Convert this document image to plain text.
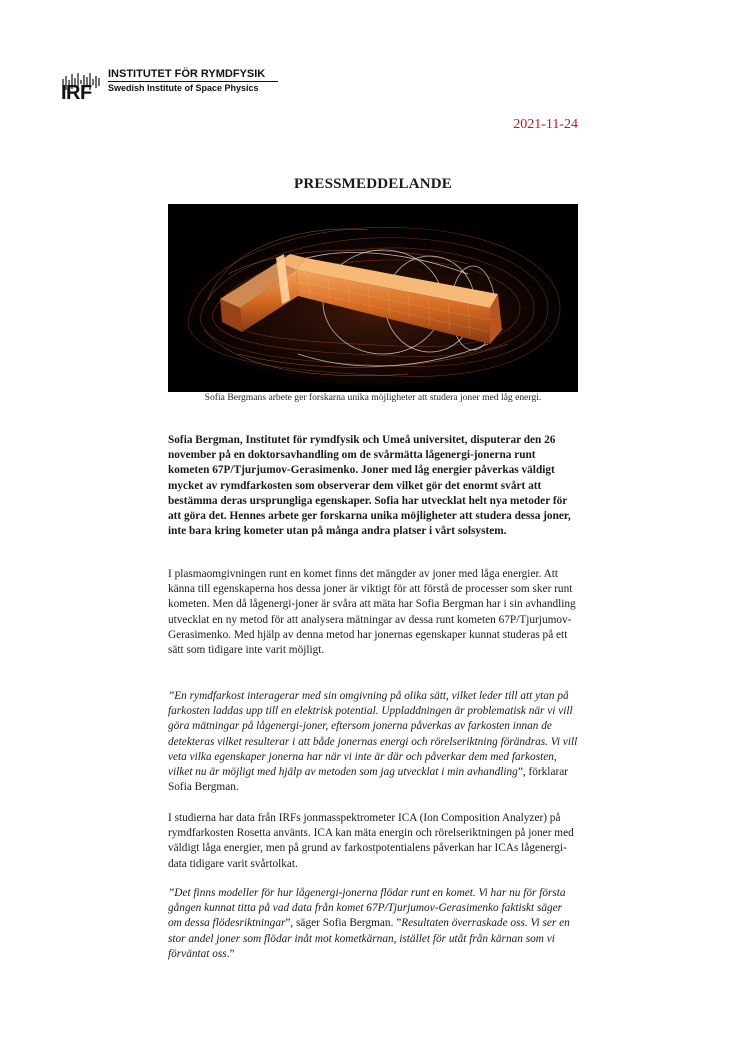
IRF
INSTITUTET FÖR RYMDFYSIK
Swedish Institute of Space Physics
2021-11-24
PRESSMEDDELANDE
Sofia Bergmans arbete ger forskarna unika möjligheter att studera joner med låg energi.

Sofia Bergman, Institutet för rymdfysik och Umeå universitet, disputerar den 26 november på en doktorsavhandling om de svårmätta lågenergi-jonerna runt kometen 67P/Tjurjumov-Gerasimenko. Joner med låg energier påverkas väldigt mycket av rymdfarkosten som observerar dem vilket gör det enormt svårt att bestämma deras ursprungliga egenskaper. Sofia har utvecklat helt nya metoder för att göra det. Hennes arbete ger forskarna unika möjligheter att studera dessa joner, inte bara kring kometer utan på många andra platser i vårt solsystem.

I plasmaomgivningen runt en komet finns det mängder av joner med låga energier. Att känna till egenskaperna hos dessa joner är viktigt för att förstå de processer som sker runt kometen. Men då lågenergi-joner är svåra att mäta har Sofia Bergman har i sin avhandling utvecklat en ny metod för att analysera mätningar av dessa runt kometen 67P/Tjurjumov-Gerasimenko. Med hjälp av denna metod har jonernas egenskaper kunnat studeras på ett sätt som tidigare inte varit möjligt.

”En rymdfarkost interagerar med sin omgivning på olika sätt, vilket leder till att ytan på farkosten laddas upp till en elektrisk potential. Uppladdningen är problematisk när vi vill göra mätningar på lågenergi-joner, eftersom jonerna påverkas av farkosten innan de detekteras vilket resulterar i att både jonernas energi och rörelseriktning förändras. Vi vill veta vilka egenskaper jonerna har när vi inte är där och påverkar dem med farkosten, vilket nu är möjligt med hjälp av metoden som jag utvecklat i min avhandling”, förklarar Sofia Bergman.

I studierna har data från IRFs jonmasspektrometer ICA (Ion Composition Analyzer) på rymdfarkosten Rosetta använts. ICA kan mäta energin och rörelseriktningen på joner med väldigt låga energier, men på grund av farkostpotentialens påverkan har ICAs lågenergi-data tidigare varit svårtolkat.

”Det finns modeller för hur lågenergi-jonerna flödar runt en komet. Vi har nu för första gången kunnat titta på vad data från komet 67P/Tjurjumov-Gerasimenko faktiskt säger om dessa flödesriktningar”, säger Sofia Bergman. ”Resultaten överraskade oss. Vi ser en stor andel joner som flödar inåt mot kometkärnan, istället för utåt från kärnan som vi förväntat oss.”
